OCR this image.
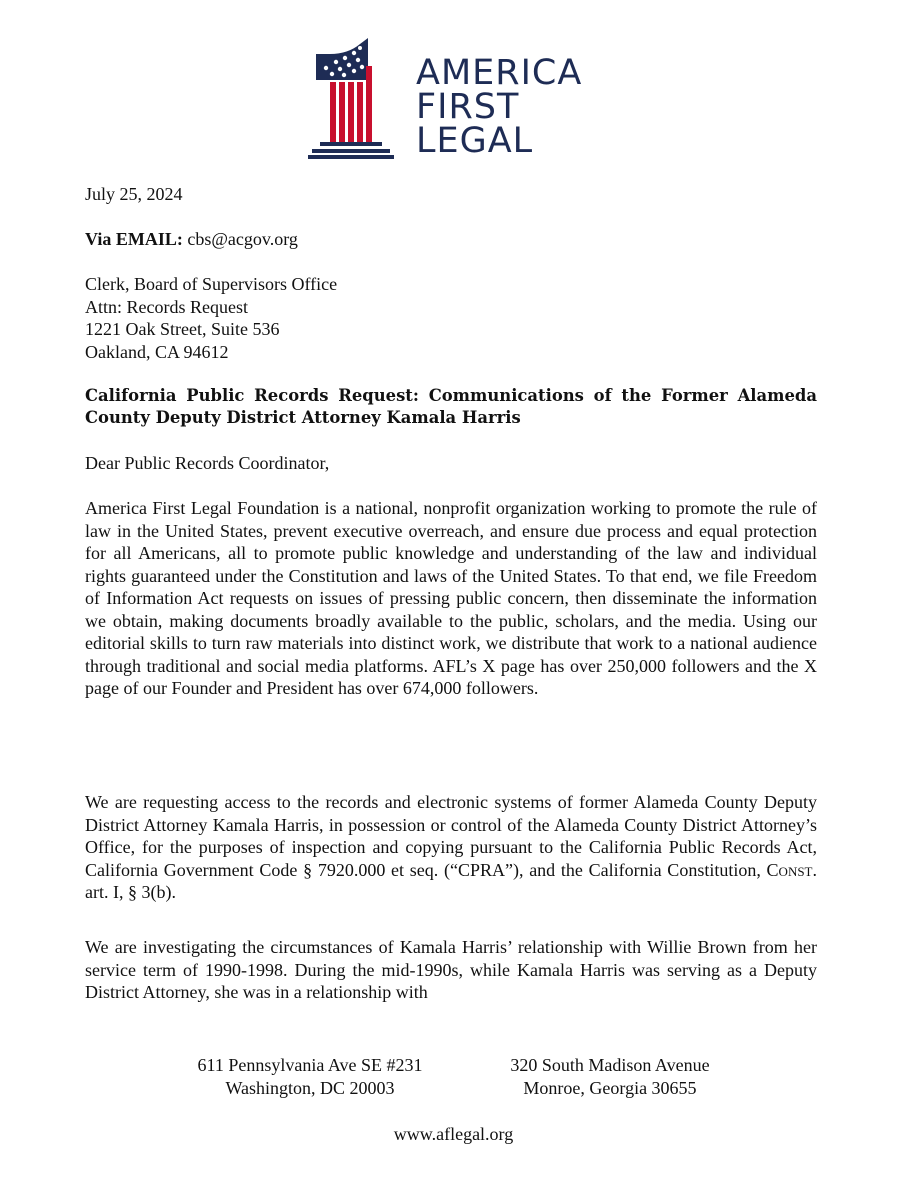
AMERICA
FIRST
LEGAL
July 25, 2024
Via EMAIL: cbs@acgov.org
Clerk, Board of Supervisors Office
Attn: Records Request
1221 Oak Street, Suite 536
Oakland, CA 94612
California Public Records Request: Communications of the Former Alameda County Deputy District Attorney Kamala Harris
Dear Public Records Coordinator,
America First Legal Foundation is a national, nonprofit organization working to promote the rule of law in the United States, prevent executive overreach, and ensure due process and equal protection for all Americans, all to promote public knowledge and understanding of the law and individual rights guaranteed under the Constitution and laws of the United States. To that end, we file Freedom of Information Act requests on issues of pressing public concern, then disseminate the information we obtain, making documents broadly available to the public, scholars, and the media. Using our editorial skills to turn raw materials into distinct work, we distribute that work to a national audience through traditional and social media platforms. AFL’s X page has over 250,000 followers and the X page of our Founder and President has over 674,000 followers.
We are requesting access to the records and electronic systems of former Alameda County Deputy District Attorney Kamala Harris, in possession or control of the Alameda County District Attorney’s Office, for the purposes of inspection and copying pursuant to the California Public Records Act, California Government Code § 7920.000 et seq. (“CPRA”), and the California Constitution, Const. art. I, § 3(b).
We are investigating the circumstances of Kamala Harris’ relationship with Willie Brown from her service term of 1990-1998. During the mid-1990s, while Kamala Harris was serving as a Deputy District Attorney, she was in a relationship with
611 Pennsylvania Ave SE #231
Washington, DC 20003
320 South Madison Avenue
Monroe, Georgia 30655
www.aflegal.org
